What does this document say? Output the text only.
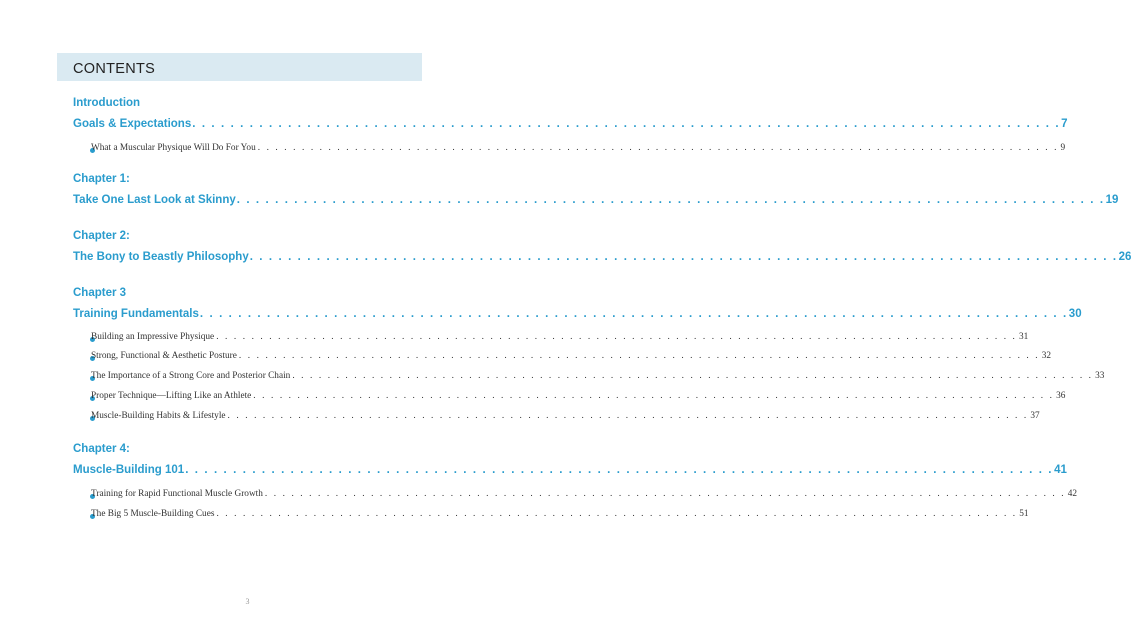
CONTENTS
Introduction
Goals & Expectations . . . . . . . . . . . . . . . . . . . . . . . . . . . . . . . . . . . . . . . . . . . . . . . . . . . . . . . . . . . . . . . . . . . . . . . . . . . . . . . . . . . . . . . . . . . 7
What a Muscular Physique Will Do For You . . . . . . . . . . . . . . . . . . . . . . . . . . . . . . . . . . . . . . . . . . . . . . . . . . . . . . . . . . . . . . . . . . . . . . . . . . . . . . . . . . . . . . . . . . . 9
Chapter 1:
Take One Last Look at Skinny . . . . . . . . . . . . . . . . . . . . . . . . . . . . . . . . . . . . . . . . . . . . . . . . . . . . . . . . . . . . . . . . . . . . . . . . . . . . . . . . . . . . . . . . . . . 19
Chapter 2:
The Bony to Beastly Philosophy . . . . . . . . . . . . . . . . . . . . . . . . . . . . . . . . . . . . . . . . . . . . . . . . . . . . . . . . . . . . . . . . . . . . . . . . . . . . . . . . . . . . . . . . . . . 26
Chapter 3
Training Fundamentals . . . . . . . . . . . . . . . . . . . . . . . . . . . . . . . . . . . . . . . . . . . . . . . . . . . . . . . . . . . . . . . . . . . . . . . . . . . . . . . . . . . . . . . . . . . 30
Building an Impressive Physique . . . . . . . . . . . . . . . . . . . . . . . . . . . . . . . . . . . . . . . . . . . . . . . . . . . . . . . . . . . . . . . . . . . . . . . . . . . . . . . . . . . . . . . . . . . 31
Strong, Functional & Aesthetic Posture . . . . . . . . . . . . . . . . . . . . . . . . . . . . . . . . . . . . . . . . . . . . . . . . . . . . . . . . . . . . . . . . . . . . . . . . . . . . . . . . . . . . . . . . . . . 32
The Importance of a Strong Core and Posterior Chain . . . . . . . . . . . . . . . . . . . . . . . . . . . . . . . . . . . . . . . . . . . . . . . . . . . . . . . . . . . . . . . . . . . . . . . . . . . . . . . . . . . . . . . . . . . 33
Proper Technique—Lifting Like an Athlete . . . . . . . . . . . . . . . . . . . . . . . . . . . . . . . . . . . . . . . . . . . . . . . . . . . . . . . . . . . . . . . . . . . . . . . . . . . . . . . . . . . . . . . . . . . 36
Muscle-Building Habits & Lifestyle . . . . . . . . . . . . . . . . . . . . . . . . . . . . . . . . . . . . . . . . . . . . . . . . . . . . . . . . . . . . . . . . . . . . . . . . . . . . . . . . . . . . . . . . . . . 37
Chapter 4:
Muscle-Building 101 . . . . . . . . . . . . . . . . . . . . . . . . . . . . . . . . . . . . . . . . . . . . . . . . . . . . . . . . . . . . . . . . . . . . . . . . . . . . . . . . . . . . . . . . . . . 41
Training for Rapid Functional Muscle Growth . . . . . . . . . . . . . . . . . . . . . . . . . . . . . . . . . . . . . . . . . . . . . . . . . . . . . . . . . . . . . . . . . . . . . . . . . . . . . . . . . . . . . . . . . . . 42
The Big 5 Muscle-Building Cues . . . . . . . . . . . . . . . . . . . . . . . . . . . . . . . . . . . . . . . . . . . . . . . . . . . . . . . . . . . . . . . . . . . . . . . . . . . . . . . . . . . . . . . . . . . 51
3
